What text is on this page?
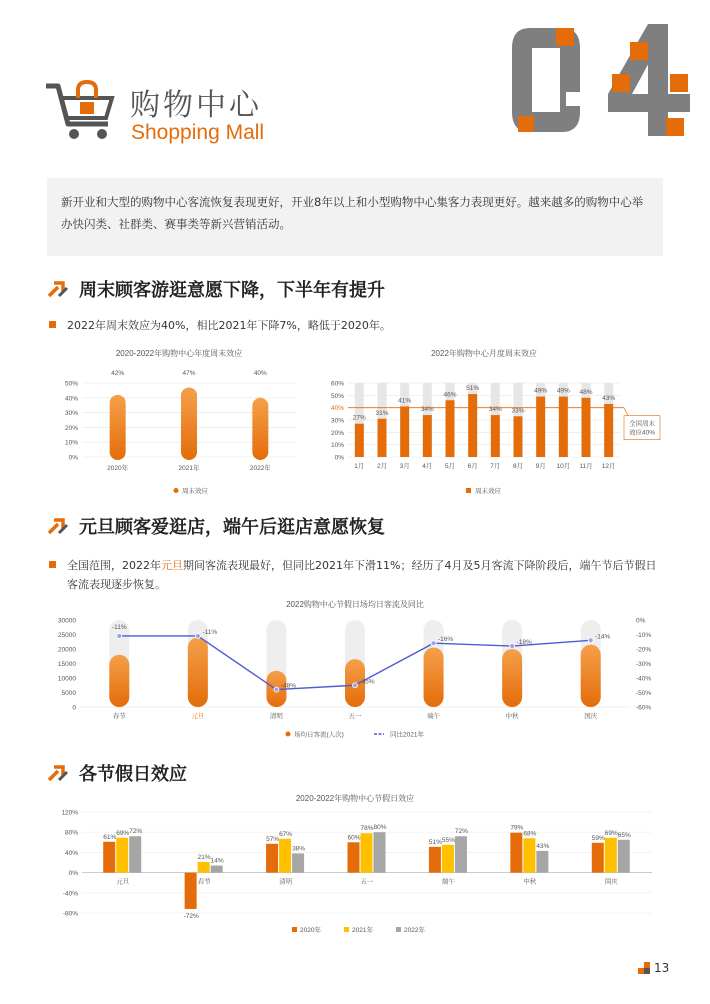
购物中心
Shopping Mall
新开业和大型的购物中心客流恢复表现更好，开业8年以上和小型购物中心集客力表现更好。越来越多的购物中心举办快闪类、社群类、赛事类等新兴营销活动。
周末顾客游逛意愿下降，下半年有提升
2022年周末效应为40%，相比2021年下降7%，略低于2020年。
2020-2022年购物中心年度周末效应
50%
40%
30%
20%
10%
0%
42%
2020年
47%
2021年
40%
2022年
周末效应
2022年购物中心月度周末效应
60%
50%
40%
30%
20%
10%
0%
27%
1月
31%
2月
41%
3月
34%
4月
46%
5月
51%
6月
34%
7月
33%
8月
49%
9月
49%
10月
48%
11月
43%
12月
全国周末
效应40%
周末效应
元旦顾客爱逛店，端午后逛店意愿恢复
全国范围，2022年元旦期间客流表现最好，但同比2021年下滑11%；经历了4月及5月客流下降阶段后，端午节后节假日客流表现逐步恢复。
2022购物中心节假日场均日客流及同比
30000	0%
25000	-10%
20000	-20%
15000	-30%
10000	-40%
5000	-50%
0	-60%
春节	元旦	清明	五一	端午	中秋	国庆
-11%
-11%
-48%
-45%
-16%	-18%
-14%
场均日客流(人次)	同比2021年
各节假日效应
2020-2022年购物中心节假日效应
120%
80%
40%
0%
-40%
-80%
61%
69% 72%
元旦
-72%
21%
14%
春节
57%
67%
38%
清明
60%
78% 80%
五一
51% 55%
72%
端午
79%
68%
43%
中秋
59%
69% 65%
国庆
2020年	2021年	2022年
13
